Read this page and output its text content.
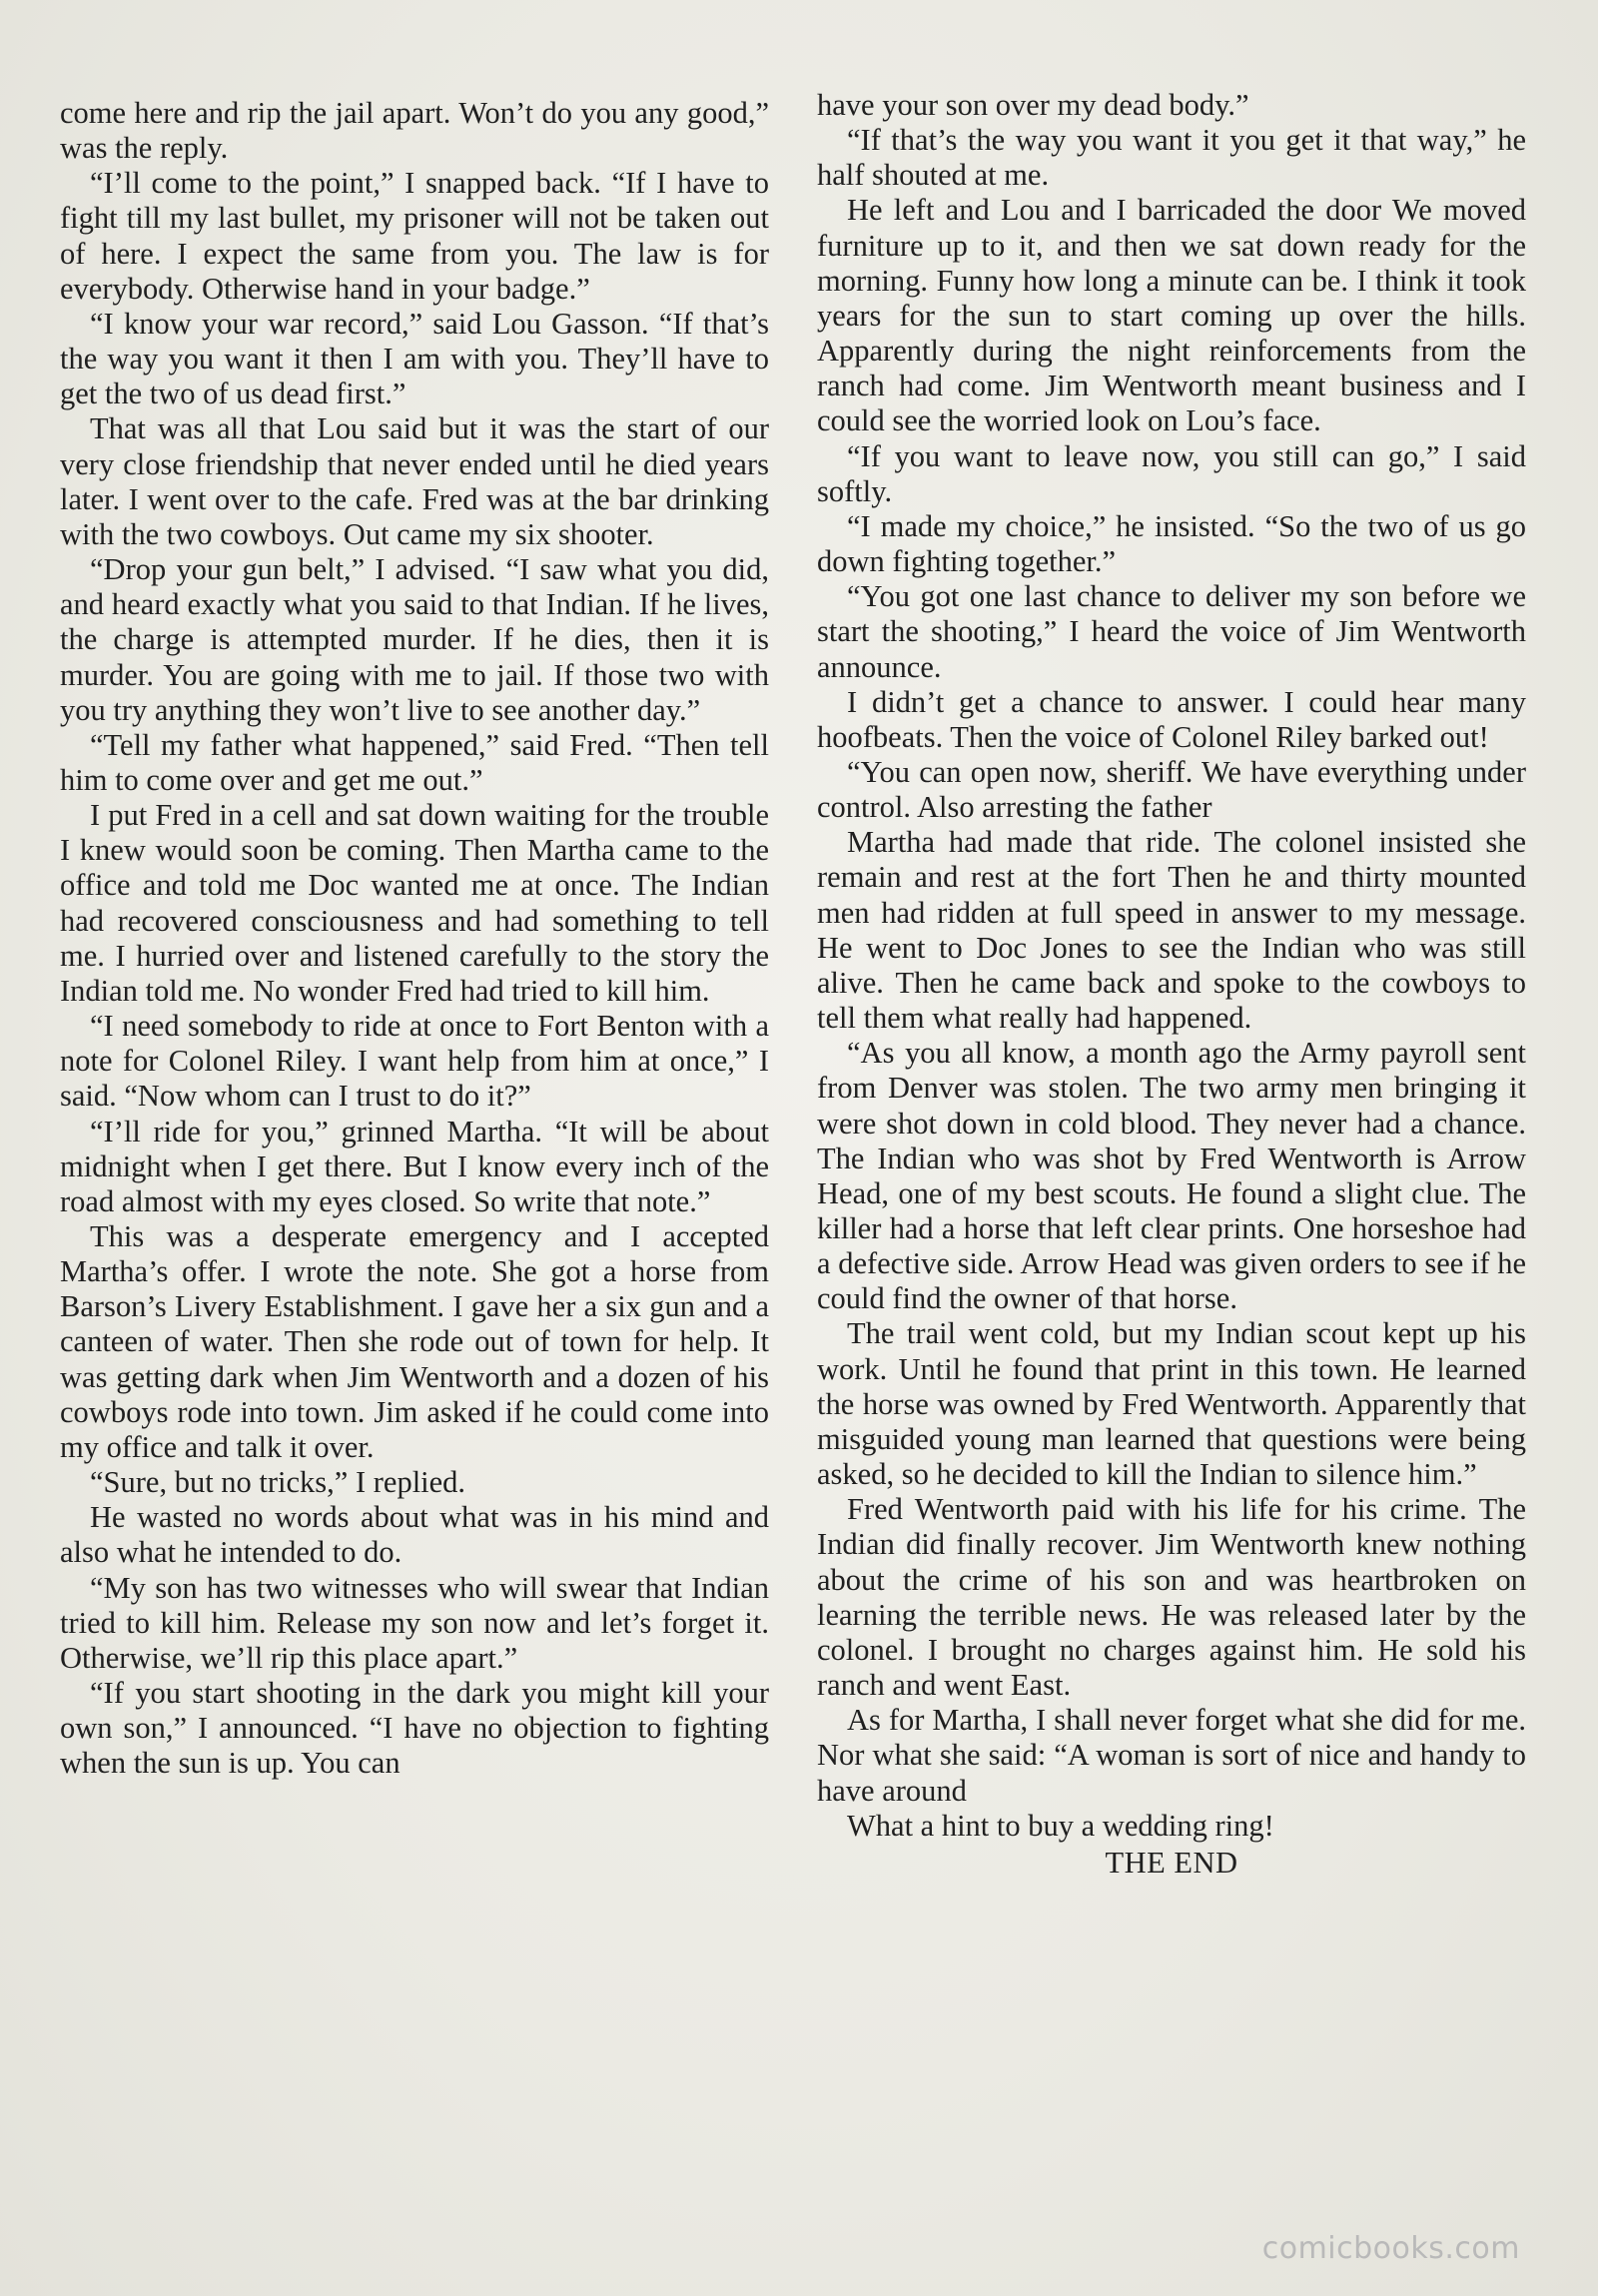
come here and rip the jail apart. Won’t do you any good,” was the reply.

“I’ll come to the point,” I snapped back. “If I have to fight till my last bullet, my prisoner will not be taken out of here. I expect the same from you. The law is for everybody. Otherwise hand in your badge.”

“I know your war record,” said Lou Gasson. “If that’s the way you want it then I am with you. They’ll have to get the two of us dead first.”

That was all that Lou said but it was the start of our very close friendship that never ended until he died years later. I went over to the cafe. Fred was at the bar drinking with the two cowboys. Out came my six shooter.

“Drop your gun belt,” I advised. “I saw what you did, and heard exactly what you said to that Indian. If he lives, the charge is attempted murder. If he dies, then it is murder. You are going with me to jail. If those two with you try anything they won’t live to see another day.”

“Tell my father what happened,” said Fred. “Then tell him to come over and get me out.”

I put Fred in a cell and sat down waiting for the trouble I knew would soon be coming. Then Martha came to the office and told me Doc wanted me at once. The Indian had recovered consciousness and had something to tell me. I hurried over and listened carefully to the story the Indian told me. No wonder Fred had tried to kill him.

“I need somebody to ride at once to Fort Benton with a note for Colonel Riley. I want help from him at once,” I said. “Now whom can I trust to do it?”

“I’ll ride for you,” grinned Martha. “It will be about midnight when I get there. But I know every inch of the road almost with my eyes closed. So write that note.”

This was a desperate emergency and I accepted Martha’s offer. I wrote the note. She got a horse from Barson’s Livery Establishment. I gave her a six gun and a canteen of water. Then she rode out of town for help. It was getting dark when Jim Wentworth and a dozen of his cowboys rode into town. Jim asked if he could come into my office and talk it over.

“Sure, but no tricks,” I replied.

He wasted no words about what was in his mind and also what he intended to do.

“My son has two witnesses who will swear that Indian tried to kill him. Release my son now and let’s forget it. Otherwise, we’ll rip this place apart.”

“If you start shooting in the dark you might kill your own son,” I announced. “I have no objection to fighting when the sun is up. You can

have your son over my dead body.”

“If that’s the way you want it you get it that way,” he half shouted at me.

He left and Lou and I barricaded the door We moved furniture up to it, and then we sat down ready for the morning. Funny how long a minute can be. I think it took years for the sun to start coming up over the hills. Apparently during the night reinforcements from the ranch had come. Jim Wentworth meant business and I could see the worried look on Lou’s face.

“If you want to leave now, you still can go,” I said softly.

“I made my choice,” he insisted. “So the two of us go down fighting together.”

“You got one last chance to deliver my son before we start the shooting,” I heard the voice of Jim Wentworth announce.

I didn’t get a chance to answer. I could hear many hoofbeats. Then the voice of Colonel Riley barked out!

“You can open now, sheriff. We have everything under control. Also arresting the father

Martha had made that ride. The colonel insisted she remain and rest at the fort Then he and thirty mounted men had ridden at full speed in answer to my message. He went to Doc Jones to see the Indian who was still alive. Then he came back and spoke to the cowboys to tell them what really had happened.

“As you all know, a month ago the Army payroll sent from Denver was stolen. The two army men bringing it were shot down in cold blood. They never had a chance. The Indian who was shot by Fred Wentworth is Arrow Head, one of my best scouts. He found a slight clue. The killer had a horse that left clear prints. One horseshoe had a defective side. Arrow Head was given orders to see if he could find the owner of that horse.

The trail went cold, but my Indian scout kept up his work. Until he found that print in this town. He learned the horse was owned by Fred Wentworth. Apparently that misguided young man learned that questions were being asked, so he decided to kill the Indian to silence him.”

Fred Wentworth paid with his life for his crime. The Indian did finally recover. Jim Wentworth knew nothing about the crime of his son and was heartbroken on learning the terrible news. He was released later by the colonel. I brought no charges against him. He sold his ranch and went East.

As for Martha, I shall never forget what she did for me. Nor what she said: “A woman is sort of nice and handy to have around

What a hint to buy a wedding ring!

THE END

comicbooks.com
